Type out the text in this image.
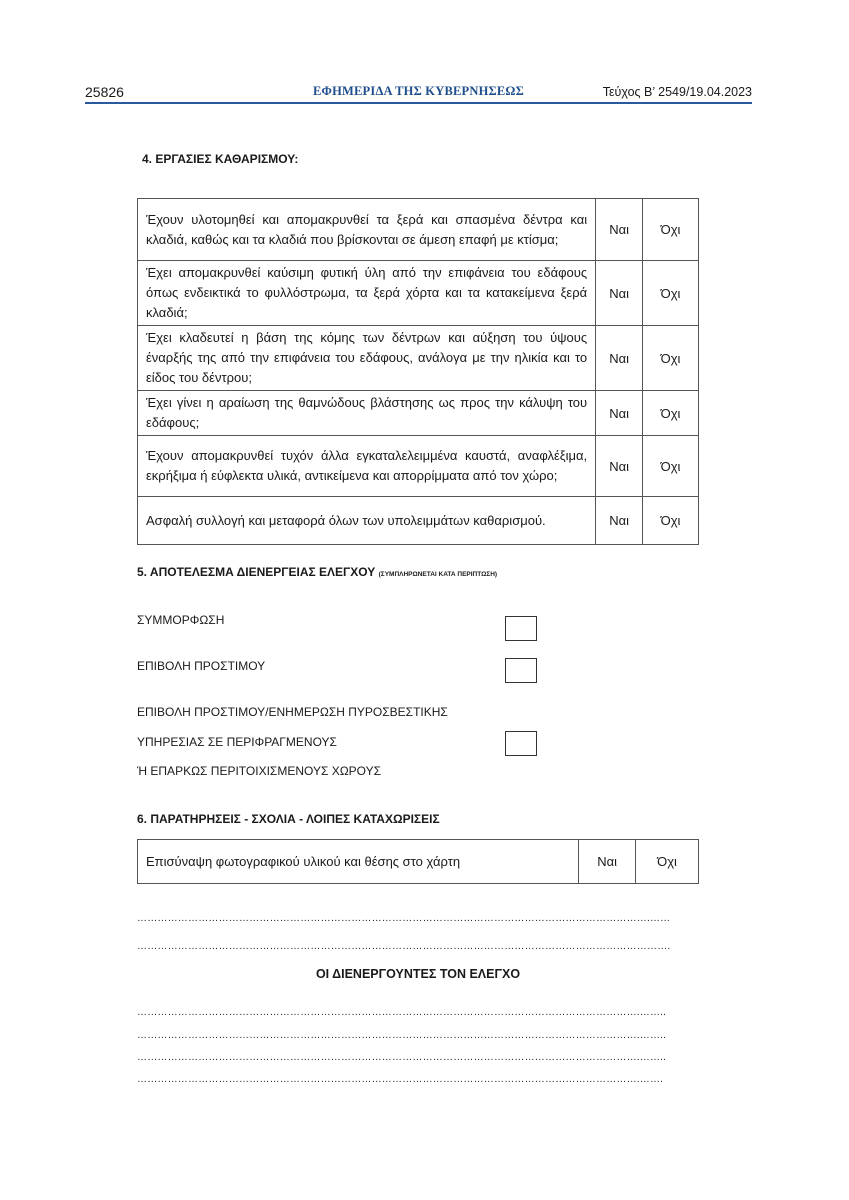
25826	ΕΦΗΜΕΡΙΔΑ ΤΗΣ ΚΥΒΕΡΝΗΣΕΩΣ	Τεύχος Β’ 2549/19.04.2023
4. ΕΡΓΑΣΙΕΣ ΚΑΘΑΡΙΣΜΟΥ:
Έχουν υλοτομηθεί και απομακρυνθεί τα ξερά και σπασμένα δέντρα και κλαδιά, καθώς και τα κλαδιά που βρίσκονται σε άμεση επαφή με κτίσμα;	Ναι	Όχι
Έχει απομακρυνθεί καύσιμη φυτική ύλη από την επιφάνεια του εδάφους όπως ενδεικτικά το φυλλόστρωμα, τα ξερά χόρτα και τα κατακείμενα ξερά κλαδιά;	Ναι	Όχι
Έχει κλαδευτεί η βάση της κόμης των δέντρων και αύξηση του ύψους έναρξής της από την επιφάνεια του εδάφους, ανάλογα με την ηλικία και το είδος του δέντρου;	Ναι	Όχι
Έχει γίνει η αραίωση της θαμνώδους βλάστησης ως προς την κάλυψη του εδάφους;	Ναι	Όχι
Έχουν απομακρυνθεί τυχόν άλλα εγκαταλελειμμένα καυστά, αναφλέξιμα, εκρήξιμα ή εύφλεκτα υλικά, αντικείμενα και απορρίμματα από τον χώρο;	Ναι	Όχι
Ασφαλή συλλογή και μεταφορά όλων των υπολειμμάτων καθαρισμού.	Ναι	Όχι
5. ΑΠΟΤΕΛΕΣΜΑ ΔΙΕΝΕΡΓΕΙΑΣ ΕΛΕΓΧΟΥ (ΣΥΜΠΛΗΡΩΝΕΤΑΙ ΚΑΤΑ ΠΕΡΙΠΤΩΣΗ)
ΣΥΜΜΟΡΦΩΣΗ
ΕΠΙΒΟΛΗ ΠΡΟΣΤΙΜΟΥ
ΕΠΙΒΟΛΗ ΠΡΟΣΤΙΜΟΥ/ΕΝΗΜΕΡΩΣΗ ΠΥΡΟΣΒΕΣΤΙΚΗΣ
ΥΠΗΡΕΣΙΑΣ ΣΕ ΠΕΡΙΦΡΑΓΜΕΝΟΥΣ
Ή ΕΠΑΡΚΩΣ ΠΕΡΙΤΟΙΧΙΣΜΕΝΟΥΣ ΧΩΡΟΥΣ
6. ΠΑΡΑΤΗΡΗΣΕΙΣ - ΣΧΟΛΙΑ - ΛΟΙΠΕΣ ΚΑΤΑΧΩΡΙΣΕΙΣ
Επισύναψη φωτογραφικού υλικού και θέσης στο χάρτη	Ναι	Όχι
…………………………………………………………………………………………………………………………………….……
………………………………………………………………………………………………………………………………………….
ΟΙ ΔΙΕΝΕΡΓΟΥΝΤΕΣ ΤΟΝ ΕΛΕΓΧΟ
………………………………………………………………………………………………………………………………….……..
………………………………………………………………………………………………………………………………….……..
………………………………………………………………………………………………………………………………….……..
………………………………………………………………………………………………………………………………….…….
